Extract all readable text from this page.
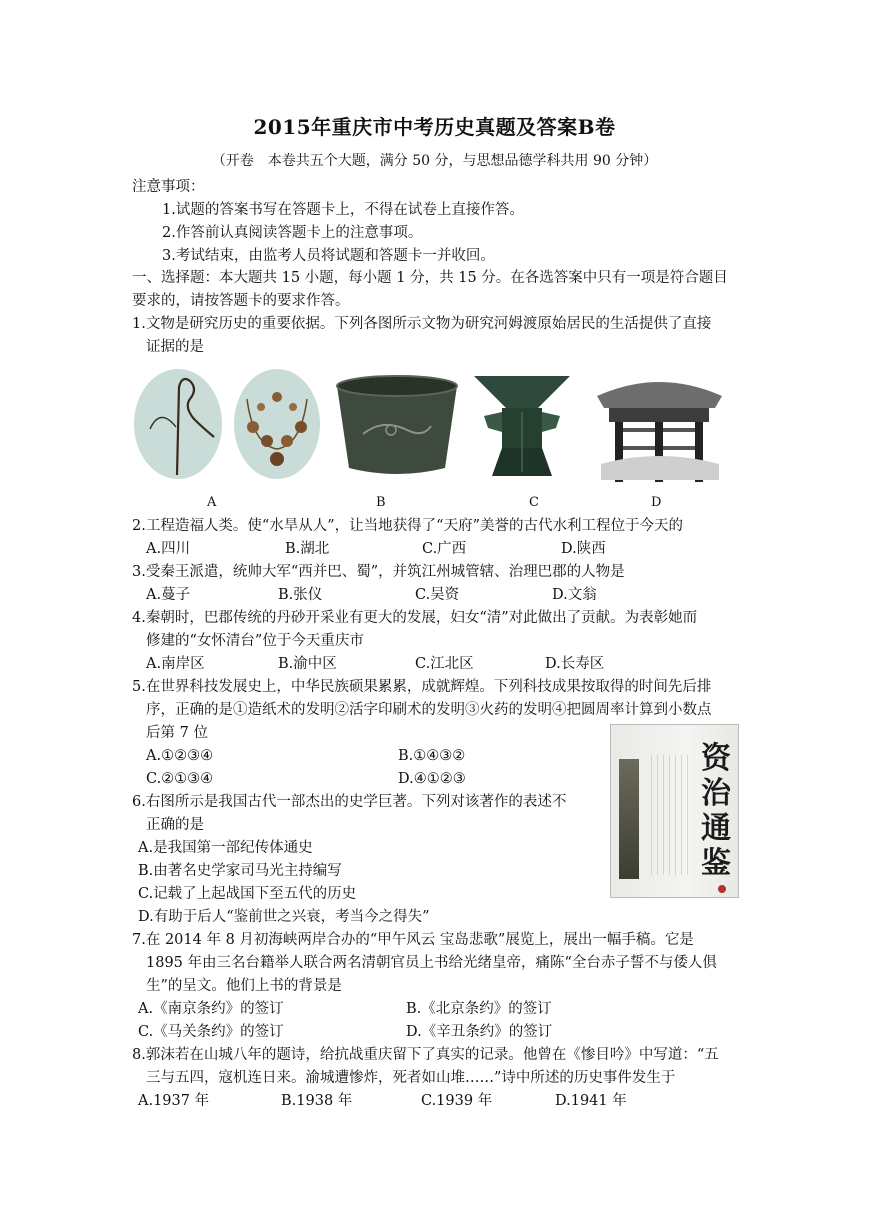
2015年重庆市中考历史真题及答案B卷
（开卷　本卷共五个大题，满分 50 分，与思想品德学科共用 90 分钟）
注意事项：
1.试题的答案书写在答题卡上，不得在试卷上直接作答。
2.作答前认真阅读答题卡上的注意事项。
3.考试结束，由监考人员将试题和答题卡一并收回。
一、选择题：本大题共 15 小题，每小题 1 分，共 15 分。在各选答案中只有一项是符合题目
要求的，请按答题卡的要求作答。
1.文物是研究历史的重要依据。下列各图所示文物为研究河姆渡原始居民的生活提供了直接
证据的是
A	B	C	D
2.工程造福人类。使“水旱从人”，让当地获得了“天府”美誉的古代水利工程位于今天的
A.四川	B.湖北	C.广西	D.陕西
3.受秦王派遣，统帅大军“西并巴、蜀”，并筑江州城管辖、治理巴郡的人物是
A.蔓子	B.张仪	C.吴资	D.文翁
4.秦朝时，巴郡传统的丹砂开采业有更大的发展，妇女“清”对此做出了贡献。为表彰她而
修建的“女怀清台”位于今天重庆市
A.南岸区	B.渝中区	C.江北区	D.长寿区
5.在世界科技发展史上，中华民族硕果累累，成就辉煌。下列科技成果按取得的时间先后排
序，正确的是①造纸术的发明②活字印刷术的发明③火药的发明④把圆周率计算到小数点
后第 7 位
A.①②③④	B.①④③②
C.②①③④	D.④①②③
资治通鉴
6.右图所示是我国古代一部杰出的史学巨著。下列对该著作的表述不
正确的是
A.是我国第一部纪传体通史
B.由著名史学家司马光主持编写
C.记载了上起战国下至五代的历史
D.有助于后人“鉴前世之兴衰，考当今之得失”
7.在 2014 年 8 月初海峡两岸合办的“甲午风云 宝岛悲歌”展览上，展出一幅手稿。它是
1895 年由三名台籍举人联合两名清朝官员上书给光绪皇帝，痛陈“全台赤子誓不与倭人俱
生”的呈文。他们上书的背景是
A.《南京条约》的签订	B.《北京条约》的签订
C.《马关条约》的签订	D.《辛丑条约》的签订
8.郭沫若在山城八年的题诗，给抗战重庆留下了真实的记录。他曾在《惨目吟》中写道：“五
三与五四，寇机连日来。渝城遭惨炸，死者如山堆……”诗中所述的历史事件发生于
A.1937 年	B.1938 年	C.1939 年	D.1941 年
